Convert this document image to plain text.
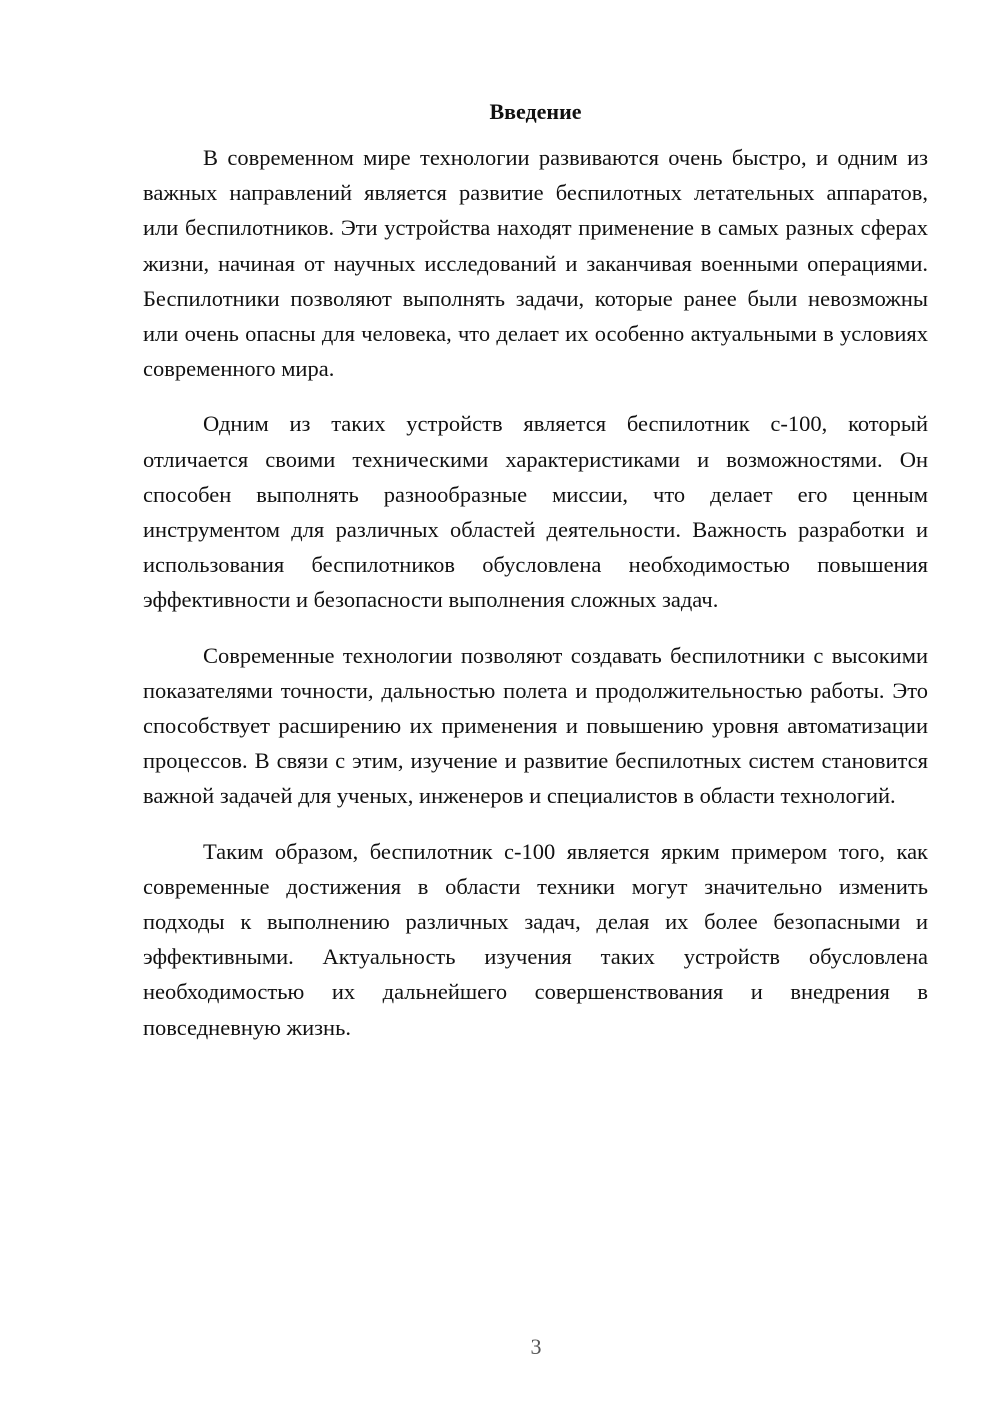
Введение

В современном мире технологии развиваются очень быстро, и одним из важных направлений является развитие беспилотных летательных аппаратов, или беспилотников. Эти устройства находят применение в самых разных сферах жизни, начиная от научных исследований и заканчивая военными операциями. Беспилотники позволяют выполнять задачи, которые ранее были невозможны или очень опасны для человека, что делает их особенно актуальными в условиях современного мира.

Одним из таких устройств является беспилотник с-100, который отличается своими техническими характеристиками и возможностями. Он способен выполнять разнообразные миссии, что делает его ценным инструментом для различных областей деятельности. Важность разработки и использования беспилотников обусловлена необходимостью повышения эффективности и безопасности выполнения сложных задач.

Современные технологии позволяют создавать беспилотники с высокими показателями точности, дальностью полета и продолжительностью работы. Это способствует расширению их применения и повышению уровня автоматизации процессов. В связи с этим, изучение и развитие беспилотных систем становится важной задачей для ученых, инженеров и специалистов в области технологий.

Таким образом, беспилотник с-100 является ярким примером того, как современные достижения в области техники могут значительно изменить подходы к выполнению различных задач, делая их более безопасными и эффективными. Актуальность изучения таких устройств обусловлена необходимостью их дальнейшего совершенствования и внедрения в повседневную жизнь.

3
